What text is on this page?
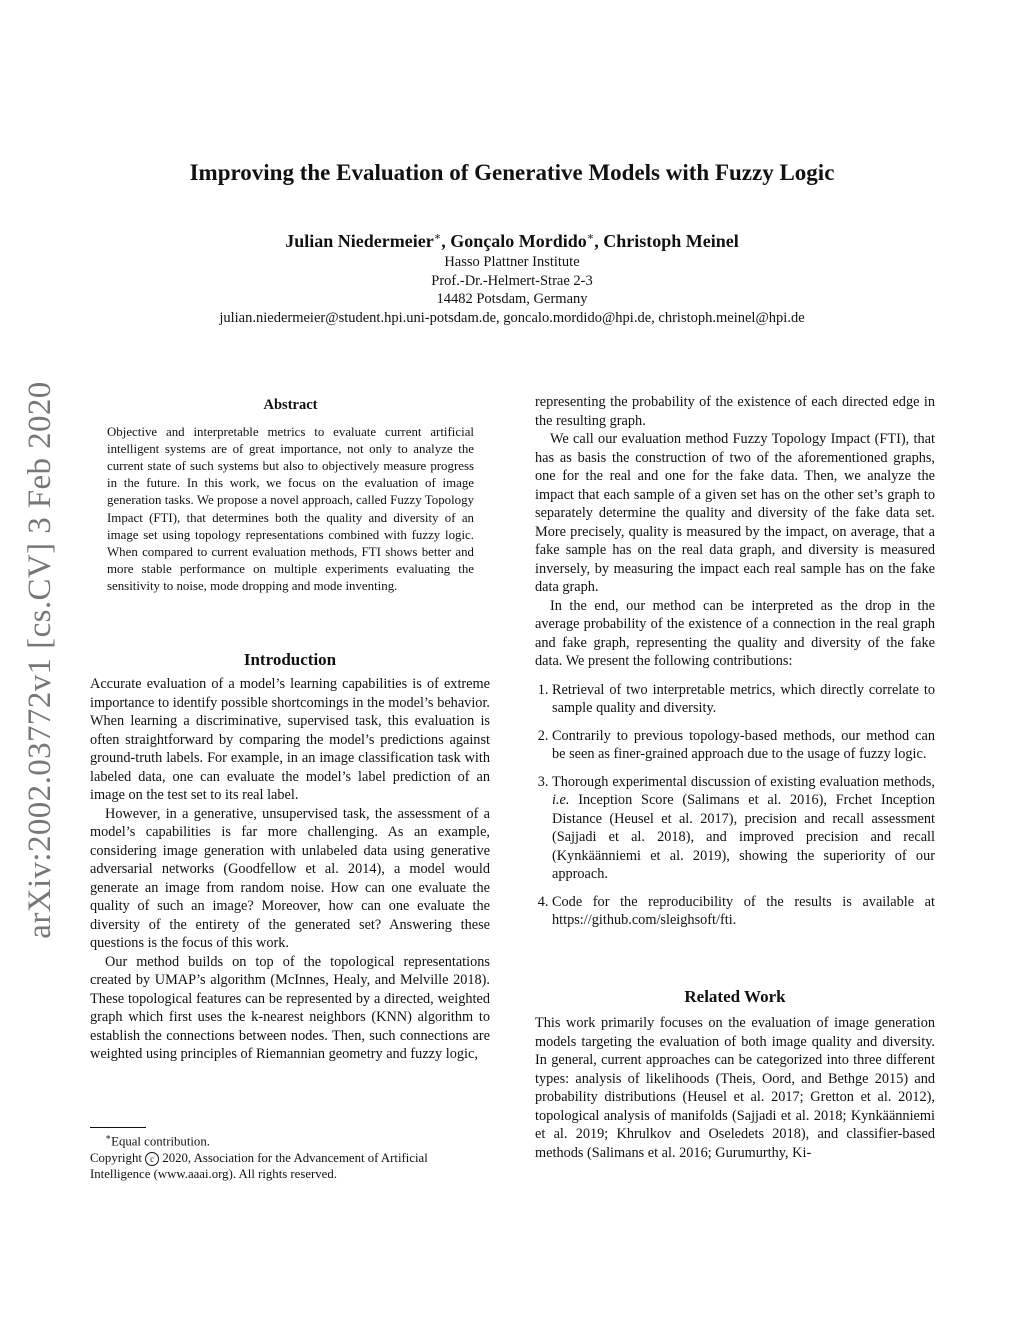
Improving the Evaluation of Generative Models with Fuzzy Logic
Julian Niedermeier∗, Gonçalo Mordido∗, Christoph Meinel
Hasso Plattner Institute
Prof.-Dr.-Helmert-Strae 2-3
14482 Potsdam, Germany
julian.niedermeier@student.hpi.uni-potsdam.de, goncalo.mordido@hpi.de, christoph.meinel@hpi.de
arXiv:2002.03772v1 [cs.CV] 3 Feb 2020	Abstract

Objective and interpretable metrics to evaluate current artificial intelligent systems are of great importance, not only to analyze the current state of such systems but also to objectively measure progress in the future. In this work, we focus on the evaluation of image generation tasks. We propose a novel approach, called Fuzzy Topology Impact (FTI), that determines both the quality and diversity of an image set using topology representations combined with fuzzy logic. When compared to current evaluation methods, FTI shows better and more stable performance on multiple experiments evaluating the sensitivity to noise, mode dropping and mode inventing.

Introduction

Accurate evaluation of a model’s learning capabilities is of extreme importance to identify possible shortcomings in the model’s behavior. When learning a discriminative, supervised task, this evaluation is often straightforward by comparing the model’s predictions against ground-truth labels. For example, in an image classification task with labeled data, one can evaluate the model’s label prediction of an image on the test set to its real label.

However, in a generative, unsupervised task, the assessment of a model’s capabilities is far more challenging. As an example, considering image generation with unlabeled data using generative adversarial networks (Goodfellow et al. 2014), a model would generate an image from random noise. How can one evaluate the quality of such an image? Moreover, how can one evaluate the diversity of the entirety of the generated set? Answering these questions is the focus of this work.

Our method builds on top of the topological representations created by UMAP’s algorithm (McInnes, Healy, and Melville 2018). These topological features can be represented by a directed, weighted graph which first uses the k-nearest neighbors (KNN) algorithm to establish the connections between nodes. Then, such connections are weighted using principles of Riemannian geometry and fuzzy logic,

∗Equal contribution.

Copyright c 2020, Association for the Advancement of Artificial Intelligence (www.aaai.org). All rights reserved.

representing the probability of the existence of each directed edge in the resulting graph.

We call our evaluation method Fuzzy Topology Impact (FTI), that has as basis the construction of two of the aforementioned graphs, one for the real and one for the fake data. Then, we analyze the impact that each sample of a given set has on the other set’s graph to separately determine the quality and diversity of the fake data set. More precisely, quality is measured by the impact, on average, that a fake sample has on the real data graph, and diversity is measured inversely, by measuring the impact each real sample has on the fake data graph.

In the end, our method can be interpreted as the drop in the average probability of the existence of a connection in the real graph and fake graph, representing the quality and diversity of the fake data. We present the following contributions:

1. Retrieval of two interpretable metrics, which directly correlate to sample quality and diversity.
2. Contrarily to previous topology-based methods, our method can be seen as finer-grained approach due to the usage of fuzzy logic.
3. Thorough experimental discussion of existing evaluation methods, i.e. Inception Score (Salimans et al. 2016), Frchet Inception Distance (Heusel et al. 2017), precision and recall assessment (Sajjadi et al. 2018), and improved precision and recall (Kynkäänniemi et al. 2019), showing the superiority of our approach.
4. Code for the reproducibility of the results is available at https://github.com/sleighsoft/fti.
Related Work

This work primarily focuses on the evaluation of image generation models targeting the evaluation of both image quality and diversity. In general, current approaches can be categorized into three different types: analysis of likelihoods (Theis, Oord, and Bethge 2015) and probability distributions (Heusel et al. 2017; Gretton et al. 2012), topological analysis of manifolds (Sajjadi et al. 2018; Kynkäänniemi et al. 2019; Khrulkov and Oseledets 2018), and classifier-based methods (Salimans et al. 2016; Gurumurthy, Ki-
